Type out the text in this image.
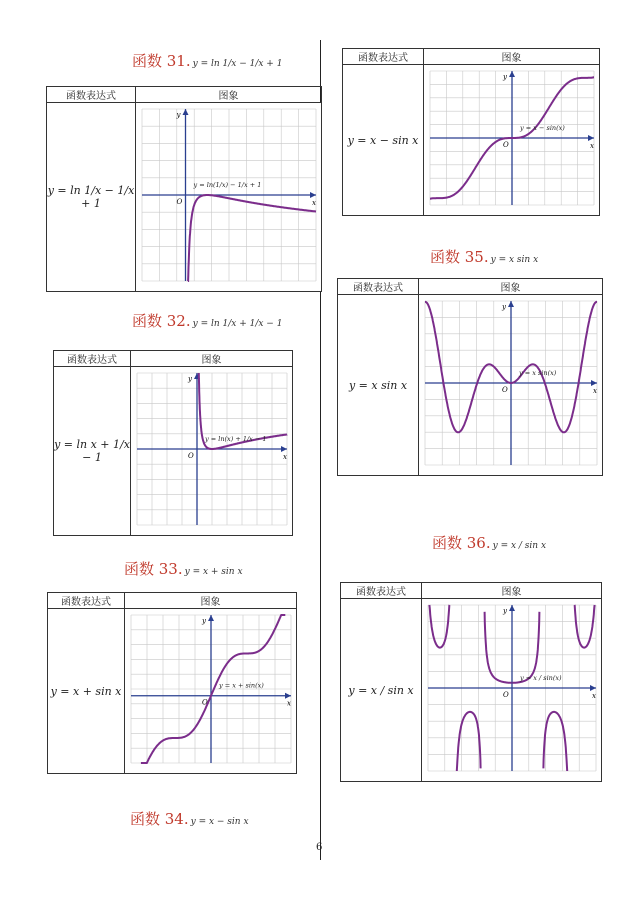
函数 31. y = ln 1/x − 1/x + 1
函数 32. y = ln 1/x + 1/x − 1
函数 33. y = x + sin x
函数 34. y = x − sin x
函数 35. y = x sin x
函数 36. y = x / sin x
函数表达式	图象
y = ln 1/x − 1/x + 1	x
y
O
y = ln(1/x) − 1/x + 1
函数表达式	图象
y = ln x + 1/x − 1	x
y
O
y = ln(x) + 1/x − 1
函数表达式	图象
y = x + sin x	x
y
O
y = x + sin(x)
函数表达式	图象
y = x − sin x	x
y
O
y = x − sin(x)
函数表达式	图象
y = x sin x	x
y
O
y = x sin(x)
函数表达式	图象
y = x / sin x	x
y
O
y = x / sin(x)
6
